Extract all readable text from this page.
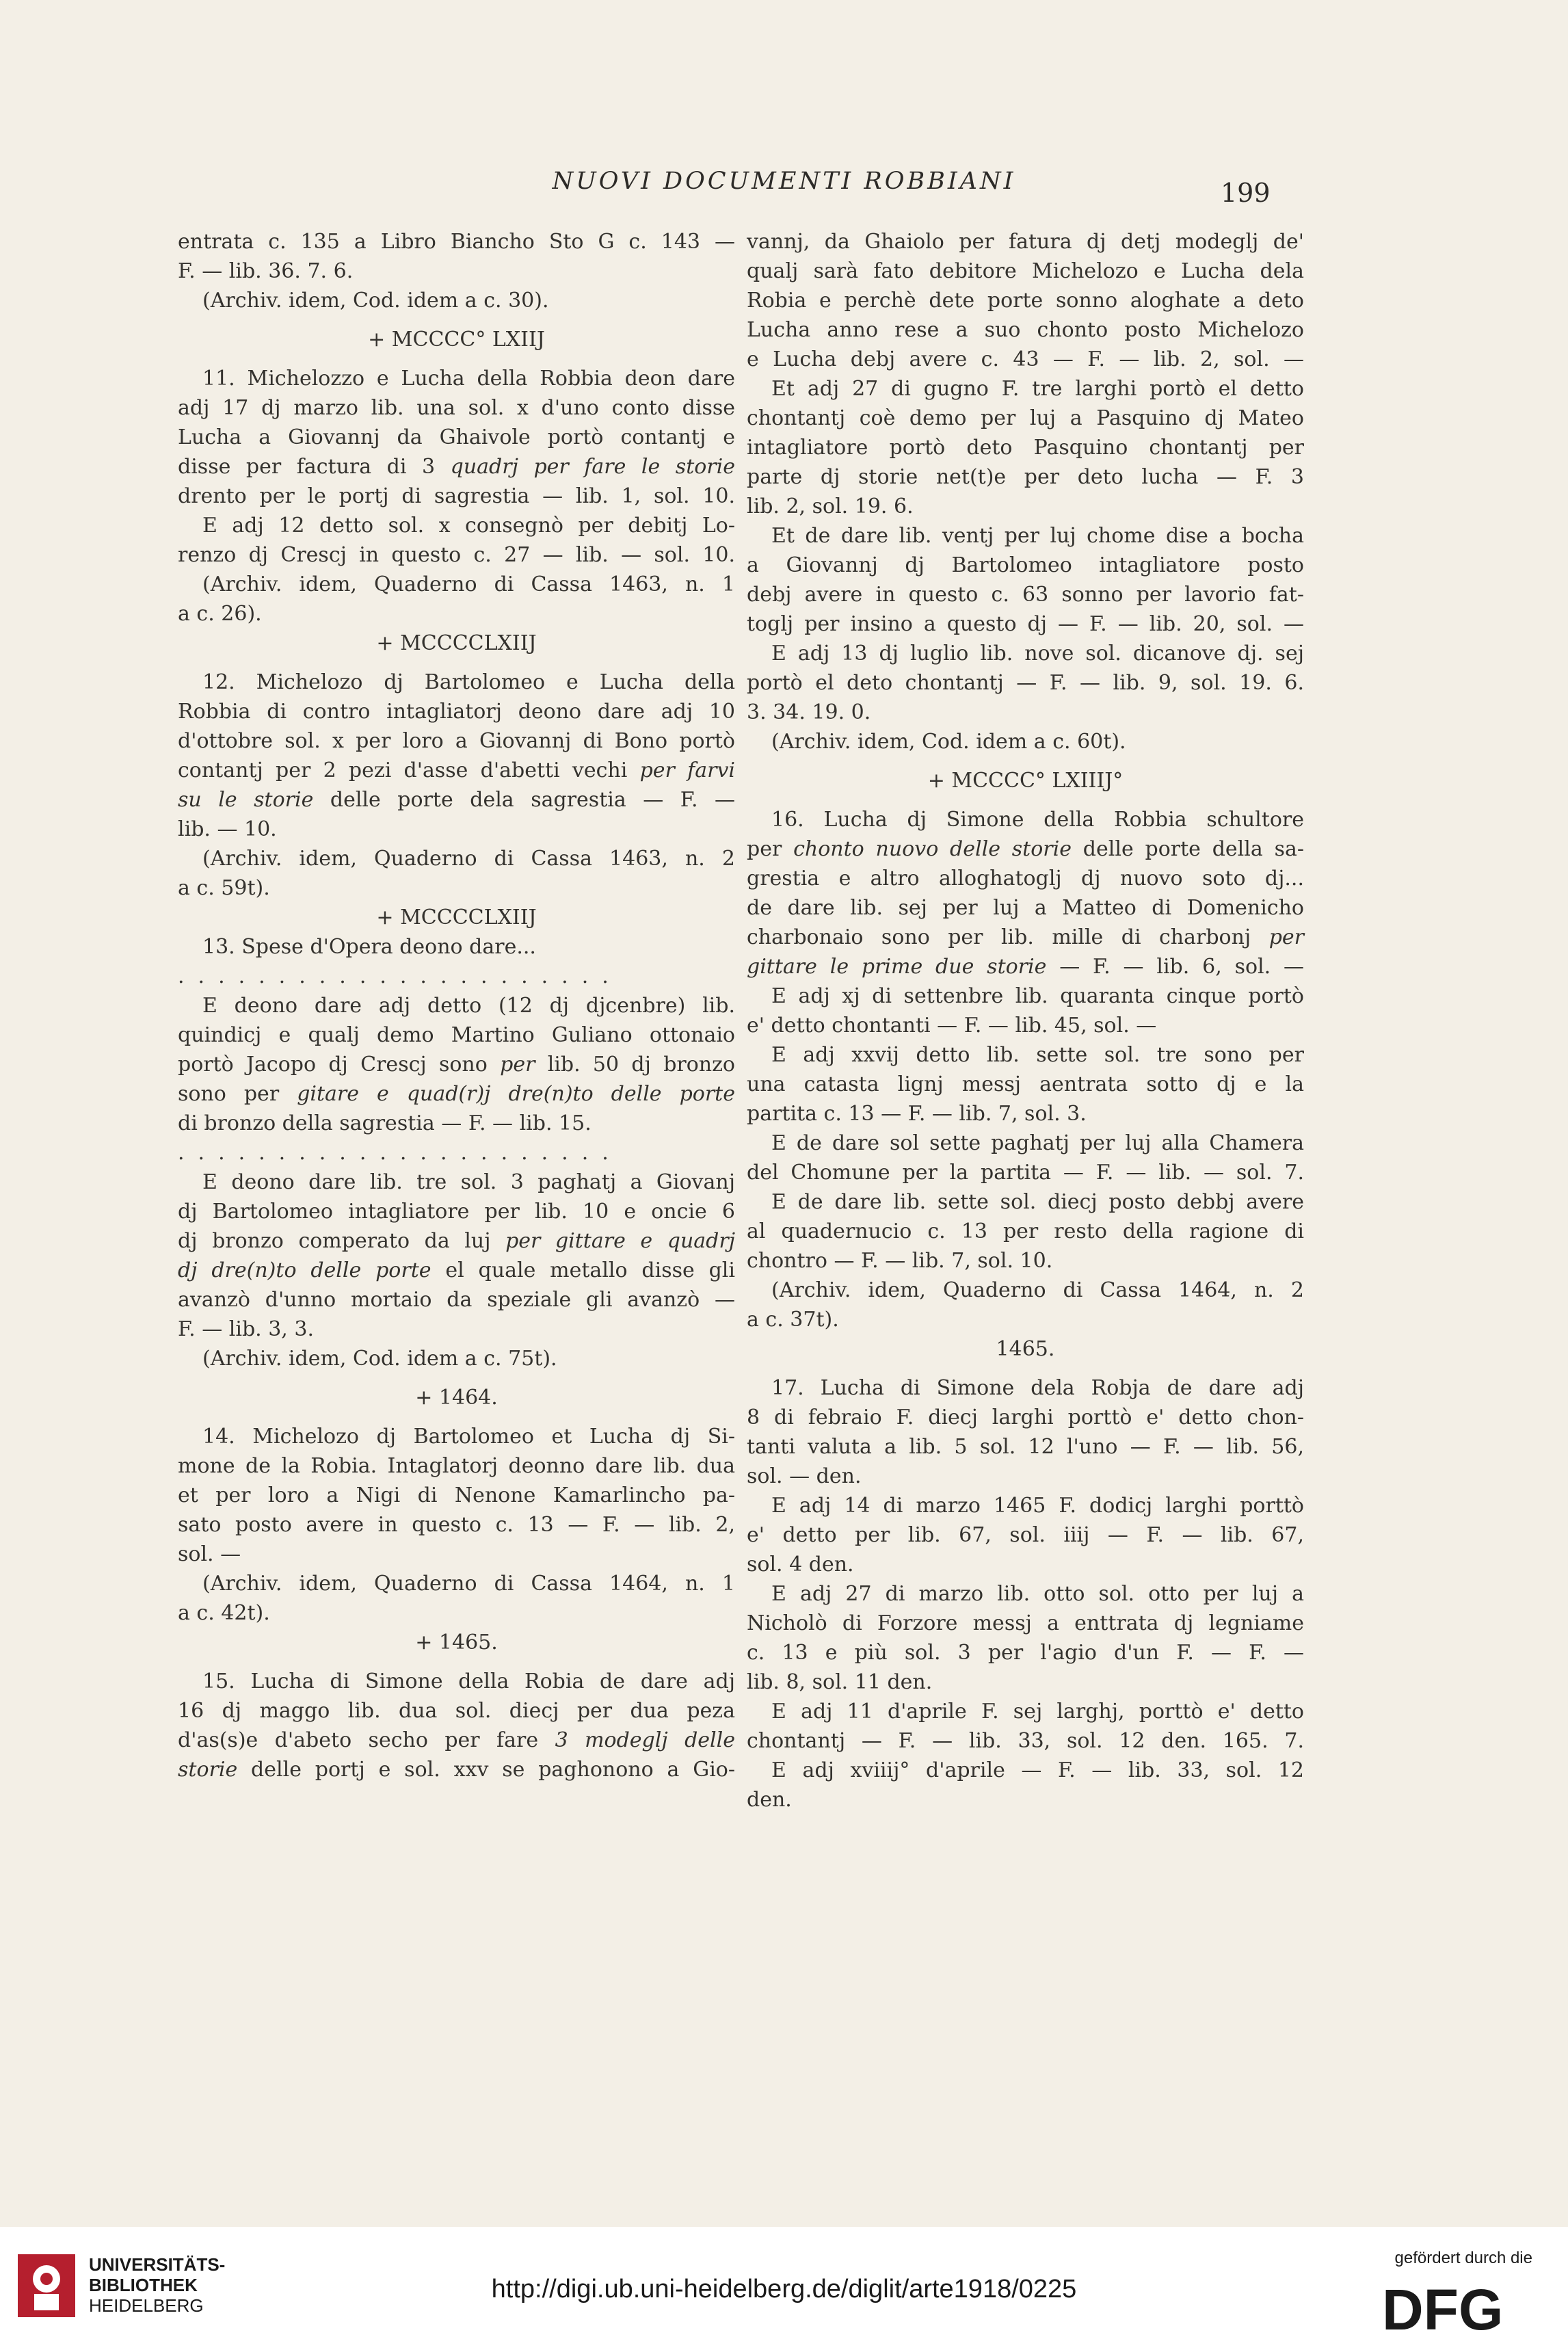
NUOVI DOCUMENTI ROBBIANI	199
entrata c. 135 a Libro Biancho Sto G c. 143 —
F. — lib. 36. 7. 6.
(Archiv. idem, Cod. idem a c. 30).
+ MCCCC° LXIIJ
11. Michelozzo e Lucha della Robbia deon dare
adj 17 dj marzo lib. una sol. x d'uno conto disse
Lucha a Giovannj da Ghaivole portò contantj e
disse per factura di 3 quadrj per fare le storie
drento per le portj di sagrestia — lib. 1, sol. 10.
E adj 12 detto sol. x consegnò per debitj Lo-
renzo dj Crescj in questo c. 27 — lib. — sol. 10.
(Archiv. idem, Quaderno di Cassa 1463, n. 1
a c. 26).
+ MCCCCLXIIJ
12. Michelozo dj Bartolomeo e Lucha della
Robbia di contro intagliatorj deono dare adj 10
d'ottobre sol. x per loro a Giovannj di Bono portò
contantj per 2 pezi d'asse d'abetti vechi per farvi
su le storie delle porte dela sagrestia — F. —
lib. — 10.
(Archiv. idem, Quaderno di Cassa 1463, n. 2
a c. 59t).
+ MCCCCLXIIJ
13. Spese d'Opera deono dare...
......................
E deono dare adj detto (12 dj djcenbre) lib.
quindicj e qualj demo Martino Guliano ottonaio
portò Jacopo dj Crescj sono per lib. 50 dj bronzo
sono per gitare e quad(r)j dre(n)to delle porte
di bronzo della sagrestia — F. — lib. 15.
......................
E deono dare lib. tre sol. 3 paghatj a Giovanj
dj Bartolomeo intagliatore per lib. 10 e oncie 6
dj bronzo comperato da luj per gittare e quadrj
dj dre(n)to delle porte el quale metallo disse gli
avanzò d'unno mortaio da speziale gli avanzò —
F. — lib. 3, 3.
(Archiv. idem, Cod. idem a c. 75t).
+ 1464.
14. Michelozo dj Bartolomeo et Lucha dj Si-
mone de la Robia. Intaglatorj deonno dare lib. dua
et per loro a Nigi di Nenone Kamarlincho pa-
sato posto avere in questo c. 13 — F. — lib. 2,
sol. —
(Archiv. idem, Quaderno di Cassa 1464, n. 1
a c. 42t).
+ 1465.
15. Lucha di Simone della Robia de dare adj
16 dj maggo lib. dua sol. diecj per dua peza
d'as(s)e d'abeto secho per fare 3 modeglj delle
storie delle portj e sol. xxv se paghonono a Gio-
vannj, da Ghaiolo per fatura dj detj modeglj de'
qualj sarà fato debitore Michelozo e Lucha dela
Robia e perchè dete porte sonno aloghate a deto
Lucha anno rese a suo chonto posto Michelozo
e Lucha debj avere c. 43 — F. — lib. 2, sol. —
Et adj 27 di gugno F. tre larghi portò el detto
chontantj coè demo per luj a Pasquino dj Mateo
intagliatore portò deto Pasquino chontantj per
parte dj storie net(t)e per deto lucha — F. 3
lib. 2, sol. 19. 6.
Et de dare lib. ventj per luj chome dise a bocha
a Giovannj dj Bartolomeo intagliatore posto
debj avere in questo c. 63 sonno per lavorio fat-
toglj per insino a questo dj — F. — lib. 20, sol. —
E adj 13 dj luglio lib. nove sol. dicanove dj. sej
portò el deto chontantj — F. — lib. 9, sol. 19. 6.
3. 34. 19. 0.
(Archiv. idem, Cod. idem a c. 60t).
+ MCCCC° LXIIIJ°
16. Lucha dj Simone della Robbia schultore
per chonto nuovo delle storie delle porte della sa-
grestia e altro alloghatoglj dj nuovo soto dj...
de dare lib. sej per luj a Matteo di Domenicho
charbonaio sono per lib. mille di charbonj per
gittare le prime due storie — F. — lib. 6, sol. —
E adj xj di settenbre lib. quaranta cinque portò
e' detto chontanti — F. — lib. 45, sol. —
E adj xxvij detto lib. sette sol. tre sono per
una catasta lignj messj aentrata sotto dj e la
partita c. 13 — F. — lib. 7, sol. 3.
E de dare sol sette paghatj per luj alla Chamera
del Chomune per la partita — F. — lib. — sol. 7.
E de dare lib. sette sol. diecj posto debbj avere
al quadernucio c. 13 per resto della ragione di
chontro — F. — lib. 7, sol. 10.
(Archiv. idem, Quaderno di Cassa 1464, n. 2
a c. 37t).
1465.
17. Lucha di Simone dela Robja de dare adj
8 di febraio F. diecj larghi porttò e' detto chon-
tanti valuta a lib. 5 sol. 12 l'uno — F. — lib. 56,
sol. — den.
E adj 14 di marzo 1465 F. dodicj larghi porttò
e' detto per lib. 67, sol. iiij — F. — lib. 67,
sol. 4 den.
E adj 27 di marzo lib. otto sol. otto per luj a
Nicholò di Forzore messj a enttrata dj legniame
c. 13 e più sol. 3 per l'agio d'un F. — F. —
lib. 8, sol. 11 den.
E adj 11 d'aprile F. sej larghj, porttò e' detto
chontantj — F. — lib. 33, sol. 12 den. 165. 7.
E adj xviiij° d'aprile — F. — lib. 33, sol. 12
den.
UNIVERSITÄTS-
BIBLIOTHEK
HEIDELBERG
http://digi.ub.uni-heidelberg.de/diglit/arte1918/0225
gefördert durch die
DFG
